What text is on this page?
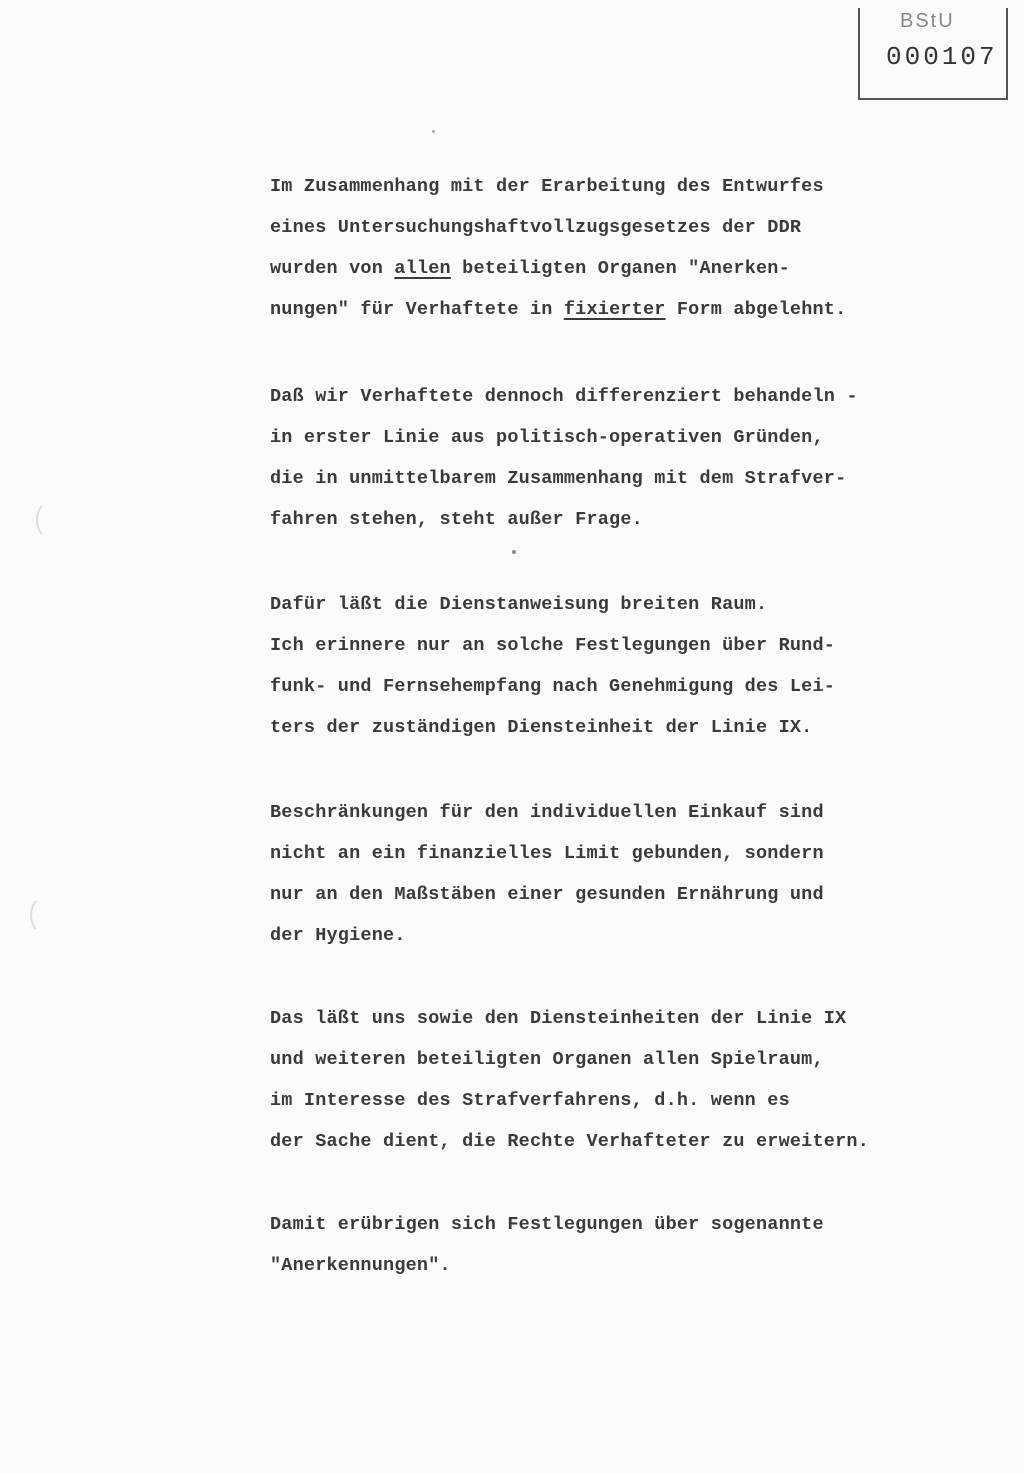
BStU
000107
Im Zusammenhang mit der Erarbeitung des Entwurfes
eines Untersuchungshaftvollzugsgesetzes der DDR
wurden von allen beteiligten Organen "Anerken-
nungen" für Verhaftete in fixierter Form abgelehnt.
Daß wir Verhaftete dennoch differenziert behandeln -
in erster Linie aus politisch-operativen Gründen,
die in unmittelbarem Zusammenhang mit dem Strafver-
fahren stehen, steht außer Frage.
Dafür läßt die Dienstanweisung breiten Raum.
Ich erinnere nur an solche Festlegungen über Rund-
funk- und Fernsehempfang nach Genehmigung des Lei-
ters der zuständigen Diensteinheit der Linie IX.
Beschränkungen für den individuellen Einkauf sind
nicht an ein finanzielles Limit gebunden, sondern
nur an den Maßstäben einer gesunden Ernährung und
der Hygiene.
Das läßt uns sowie den Diensteinheiten der Linie IX
und weiteren beteiligten Organen allen Spielraum,
im Interesse des Strafverfahrens, d.h. wenn es
der Sache dient, die Rechte Verhafteter zu erweitern.
Damit erübrigen sich Festlegungen über sogenannte
"Anerkennungen".
